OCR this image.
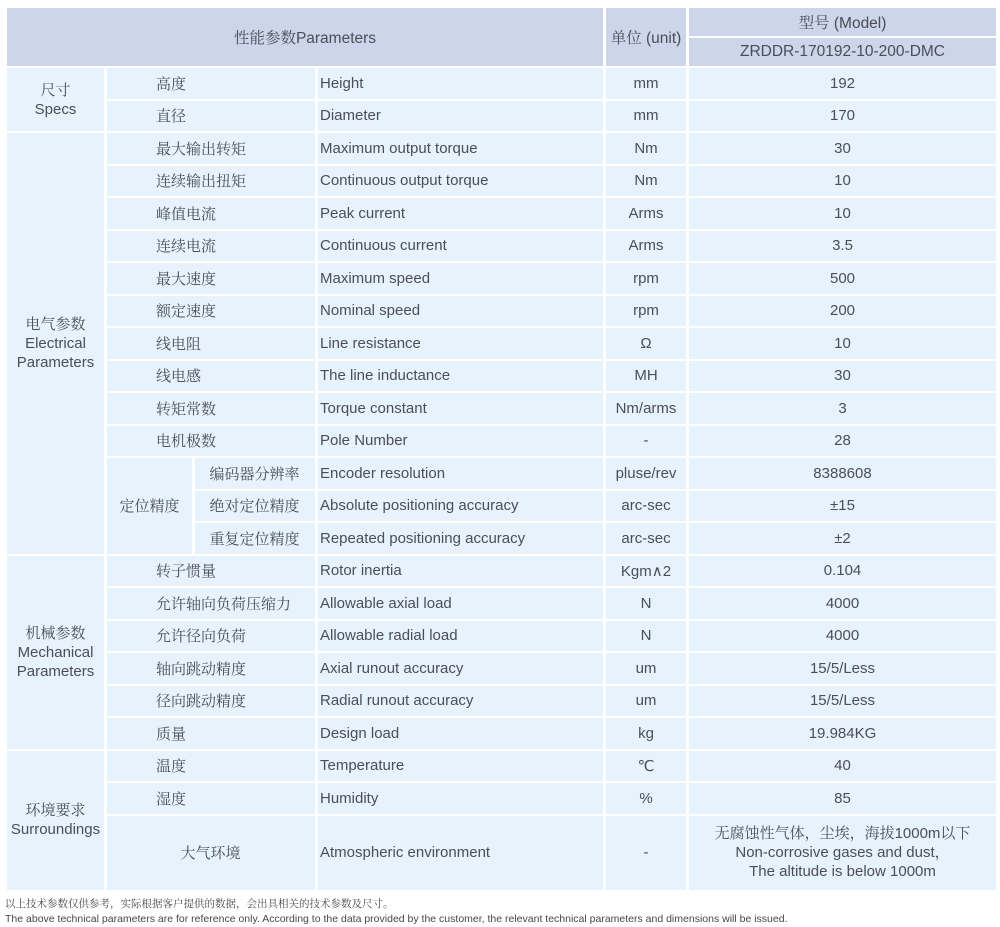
性能参数Parameters				单位 (unit)	型号 (Model)
					ZRDDR-170192-10-200-DMC

尺寸
Specs	高度		Height	mm	192
	直径		Diameter	mm	170

电气参数
Electrical
Parameters	最大输出转矩		Maximum output torque	Nm	30
	连续输出扭矩		Continuous output torque	Nm	10
	峰值电流		Peak current	Arms	10
	连续电流		Continuous current	Arms	3.5
	最大速度		Maximum speed	rpm	500
	额定速度		Nominal speed	rpm	200
	线电阻		Line resistance	Ω	10
	线电感		The line inductance	MH	30
	转矩常数		Torque constant	Nm/arms	3
	电机极数		Pole Number	-	28
	定位精度	编码器分辨率	Encoder resolution	pluse/rev	8388608
		绝对定位精度	Absolute positioning accuracy	arc-sec	±15
		重复定位精度	Repeated positioning accuracy	arc-sec	±2

机械参数
Mechanical
Parameters	转子惯量		Rotor inertia	Kgm∧2	0.104
	允许轴向负荷压缩力		Allowable axial load	N	4000
	允许径向负荷		Allowable radial load	N	4000
	轴向跳动精度		Axial runout accuracy	um	15/5/Less
	径向跳动精度		Radial runout accuracy	um	15/5/Less
	质量		Design load	kg	19.984KG

环境要求
Surroundings	温度		Temperature	℃	40
	湿度		Humidity	%	85
	大气环境		Atmospheric environment	-	无腐蚀性气体，尘埃，海拔1000m以下
Non-corrosive gases and dust，
The altitude is below 1000m
以上技术参数仅供参考，实际根据客户提供的数据，会出具相关的技术参数及尺寸。
The above technical parameters are for reference only. According to the data provided by the customer, the relevant technical parameters and dimensions will be issued.
